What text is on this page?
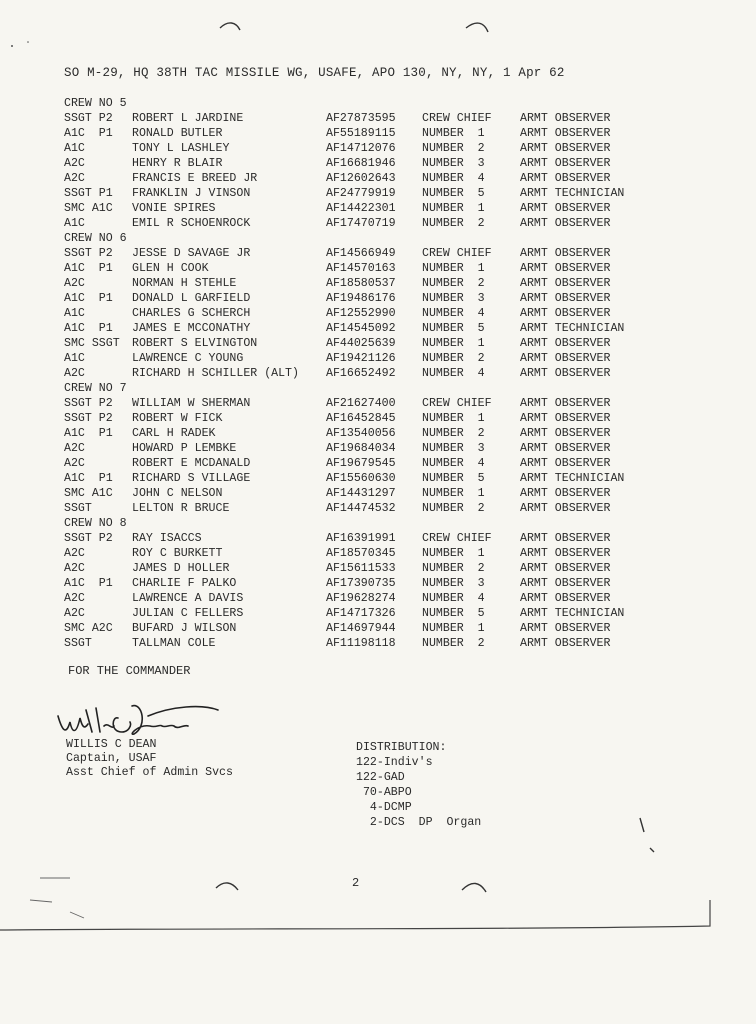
SO M-29, HQ 38TH TAC MISSILE WG, USAFE, APO 130, NY, NY, 1 Apr 62
CREW NO 5
SSGT P2 ROBERT L JARDINE	AF27873595 CREW CHIEF ARMT OBSERVER
A1C  P1 RONALD BUTLER	AF55189115 NUMBER  1	ARMT OBSERVER
A1C	TONY L LASHLEY	AF14712076 NUMBER  2	ARMT OBSERVER
A2C	HENRY R BLAIR	AF16681946 NUMBER  3	ARMT OBSERVER
A2C	FRANCIS E BREED JR	AF12602643 NUMBER  4	ARMT OBSERVER
SSGT P1 FRANKLIN J VINSON	AF24779919 NUMBER  5	ARMT TECHNICIAN
SMC A1C VONIE SPIRES	AF14422301 NUMBER  1	ARMT OBSERVER
A1C	EMIL R SCHOENROCK	AF17470719 NUMBER  2	ARMT OBSERVER
CREW NO 6
SSGT P2 JESSE D SAVAGE JR	AF14566949 CREW CHIEF ARMT OBSERVER
A1C  P1 GLEN H COOK	AF14570163 NUMBER  1	ARMT OBSERVER
A2C	NORMAN H STEHLE	AF18580537 NUMBER  2	ARMT OBSERVER
A1C  P1 DONALD L GARFIELD	AF19486176 NUMBER  3	ARMT OBSERVER
A1C	CHARLES G SCHERCH	AF12552990 NUMBER  4	ARMT OBSERVER
A1C  P1 JAMES E MCCONATHY	AF14545092 NUMBER  5	ARMT TECHNICIAN
SMC SSGT ROBERT S ELVINGTON	AF44025639 NUMBER  1	ARMT OBSERVER
A1C	LAWRENCE C YOUNG	AF19421126 NUMBER  2	ARMT OBSERVER
A2C	RICHARD H SCHILLER (ALT) AF16652492 NUMBER  4	ARMT OBSERVER
CREW NO 7
SSGT P2 WILLIAM W SHERMAN	AF21627400 CREW CHIEF ARMT OBSERVER
SSGT P2 ROBERT W FICK	AF16452845 NUMBER  1	ARMT OBSERVER
A1C  P1 CARL H RADEK	AF13540056 NUMBER  2	ARMT OBSERVER
A2C	HOWARD P LEMBKE	AF19684034 NUMBER  3	ARMT OBSERVER
A2C	ROBERT E MCDANALD	AF19679545 NUMBER  4	ARMT OBSERVER
A1C  P1 RICHARD S VILLAGE	AF15560630 NUMBER  5	ARMT TECHNICIAN
SMC A1C JOHN C NELSON	AF14431297 NUMBER  1	ARMT OBSERVER
SSGT	LELTON R BRUCE	AF14474532 NUMBER  2	ARMT OBSERVER
CREW NO 8
SSGT P2 RAY ISACCS	AF16391991 CREW CHIEF ARMT OBSERVER
A2C	ROY C BURKETT	AF18570345 NUMBER  1	ARMT OBSERVER
A2C	JAMES D HOLLER	AF15611533 NUMBER  2	ARMT OBSERVER
A1C  P1 CHARLIE F PALKO	AF17390735 NUMBER  3	ARMT OBSERVER
A2C	LAWRENCE A DAVIS	AF19628274 NUMBER  4	ARMT OBSERVER
A2C	JULIAN C FELLERS	AF14717326 NUMBER  5	ARMT TECHNICIAN
SMC A2C BUFARD J WILSON	AF14697944 NUMBER  1	ARMT OBSERVER
SSGT	TALLMAN COLE	AF11198118 NUMBER  2	ARMT OBSERVER
FOR THE COMMANDER
WILLIS C DEAN
Captain, USAF
Asst Chief of Admin Svcs
DISTRIBUTION:
122-Indiv's
122-GAD
70-ABPO
4-DCMP
2-DCS  DP  Organ
2
